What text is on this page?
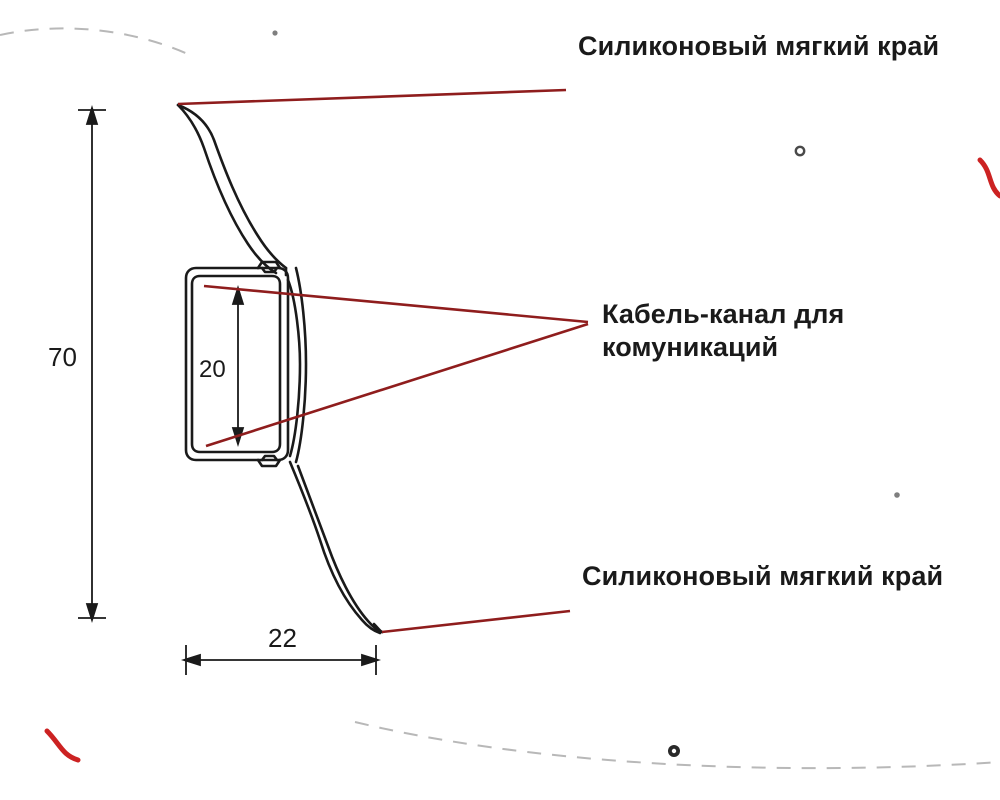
Силиконовый мягкий край
Кабель-канал для комуникаций
Силиконовый мягкий край
70	20
22
